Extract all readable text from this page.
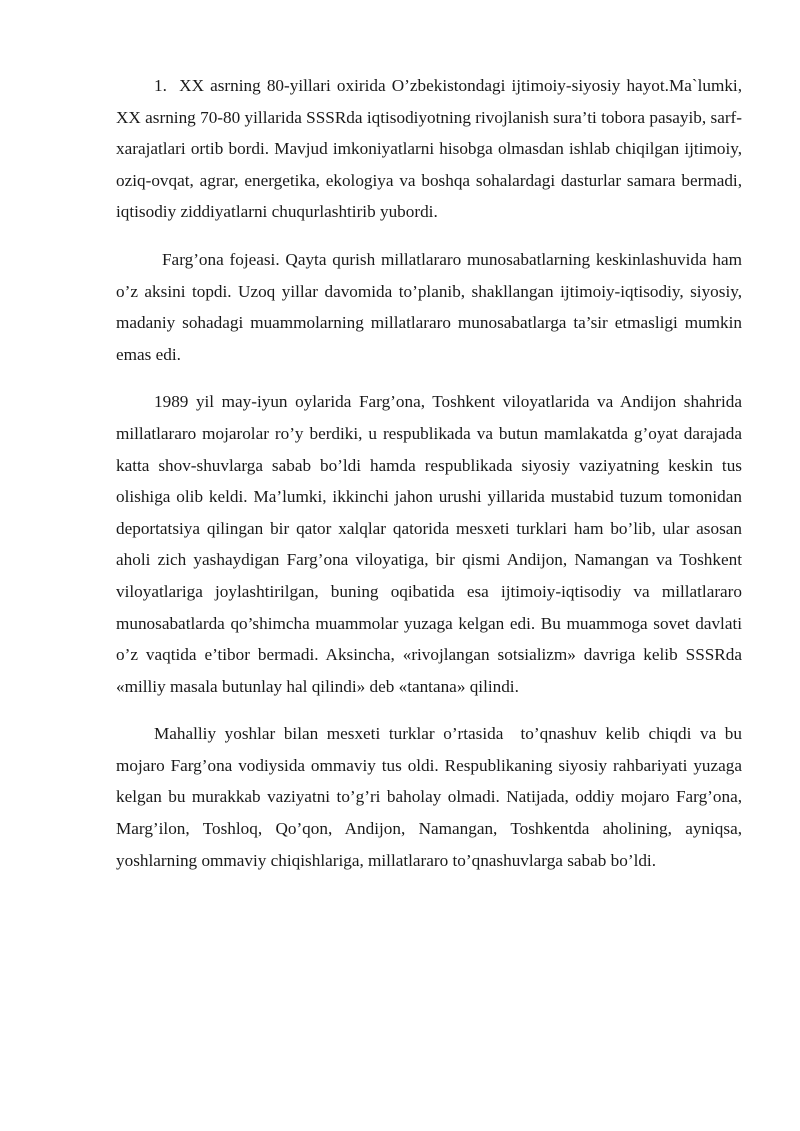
1.  XX asrning 80-yillari oxirida O’zbekistondagi ijtimoiy-siyosiy hayot.Ma`lumki, XX asrning 70-80 yillarida SSSRda iqtisodiyotning rivojlanish sura’ti tobora pasayib, sarf-xarajatlari ortib bordi. Mavjud imkoniyatlarni hisobga olmasdan ishlab chiqilgan ijtimoiy, oziq-ovqat, agrar, energetika, ekologiya va boshqa sohalardagi dasturlar samara bermadi, iqtisodiy ziddiyatlarni chuqurlashtirib yubordi.

Farg’ona fojeasi. Qayta qurish millatlararo munosabatlarning keskinlashuvida ham o’z aksini topdi. Uzoq yillar davomida to’planib, shakllangan ijtimoiy-iqtisodiy, siyosiy, madaniy sohadagi muammolarning millatlararo munosabatlarga ta’sir etmasligi mumkin emas edi.

1989 yil may-iyun oylarida Farg’ona, Toshkent viloyatlarida va Andijon shahrida millatlararo mojarolar ro’y berdiki, u respublikada va butun mamlakatda g’oyat darajada katta shov-shuvlarga sabab bo’ldi hamda respublikada siyosiy vaziyatning keskin tus olishiga olib keldi. Ma’lumki, ikkinchi jahon urushi yillarida mustabid tuzum tomonidan deportatsiya qilingan bir qator xalqlar qatorida mesxeti turklari ham bo’lib, ular asosan aholi zich yashaydigan Farg’ona viloyatiga, bir qismi Andijon, Namangan va Toshkent viloyatlariga joylashtirilgan, buning oqibatida esa ijtimoiy-iqtisodiy va millatlararo munosabatlarda qo’shimcha muammolar yuzaga kelgan edi. Bu muammoga sovet davlati o’z vaqtida e’tibor bermadi. Aksincha, «rivojlangan sotsializm» davriga kelib SSSRda «milliy masala butunlay hal qilindi» deb «tantana» qilindi.

Mahalliy yoshlar bilan mesxeti turklar o’rtasida  to’qnashuv kelib chiqdi va bu mojaro Farg’ona vodiysida ommaviy tus oldi. Respublikaning siyosiy rahbariyati yuzaga kelgan bu murakkab vaziyatni to’g’ri baholay olmadi. Natijada, oddiy mojaro Farg’ona, Marg’ilon, Toshloq, Qo’qon, Andijon, Namangan, Toshkentda aholining, ayniqsa, yoshlarning ommaviy chiqishlariga, millatlararo to’qnashuvlarga sabab bo’ldi.
